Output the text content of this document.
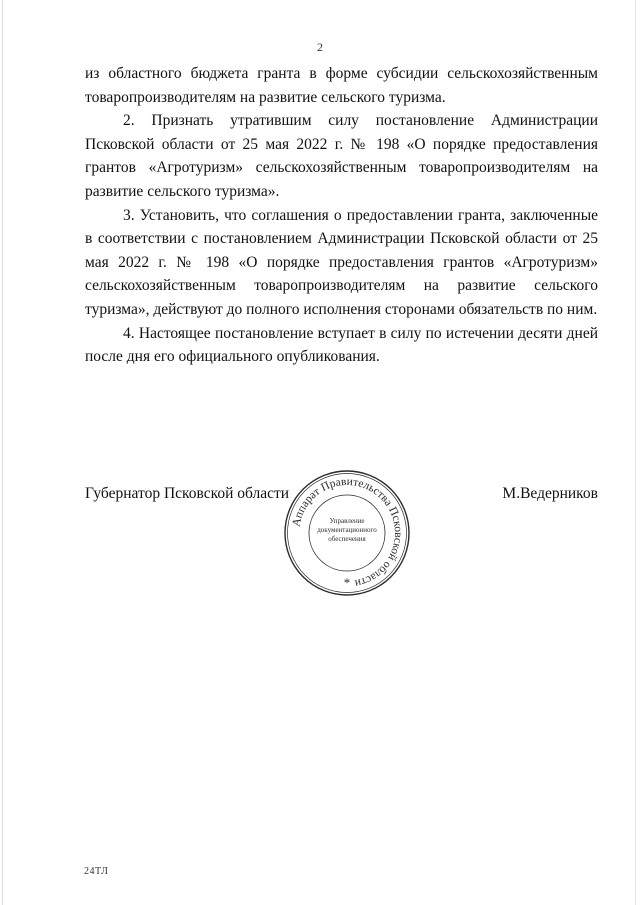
2

из областного бюджета гранта в форме субсидии сельскохозяйственным товаропроизводителям на развитие сельского туризма.

2. Признать утратившим силу постановление Администрации Псковской области от 25 мая 2022 г. № 198 «О порядке предоставления грантов «Агротуризм» сельскохозяйственным товаропроизводителям на развитие сельского туризма».

3. Установить, что соглашения о предоставлении гранта, заключенные в соответствии с постановлением Администрации Псковской области от 25 мая 2022 г. № 198 «О порядке предоставления грантов «Агротуризм» сельскохозяйственным товаропроизводителям на развитие сельского туризма», действуют до полного исполнения сторонами обязательств по ним.

4. Настоящее постановление вступает в силу по истечении десяти дней после дня его официального опубликования.

Губернатор Псковской области	М.Ведерников
Аппарат Правительства Псковской области
Управление
документационного
обеспечения
*
24ТЛ
